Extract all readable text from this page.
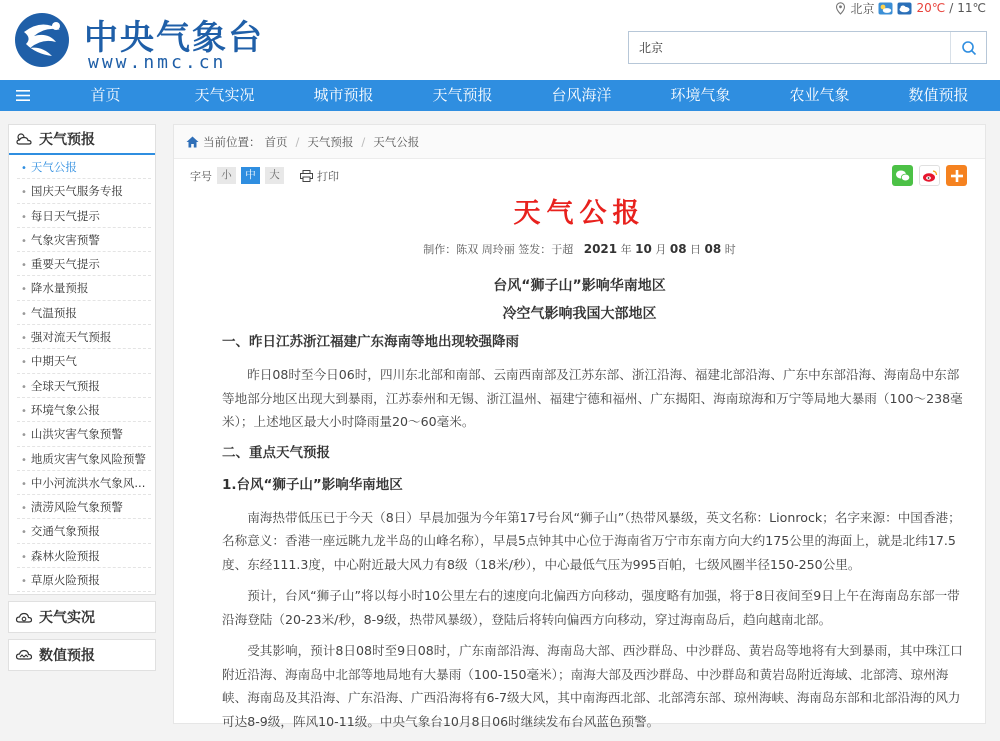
中央气象台
www.nmc.cn
北京	20℃ / 11℃
北京
首页	天气实况	城市预报	天气预报	台风海洋	环境气象	农业气象	数值预报
天气预报
• 天气公报
• 国庆天气服务专报
• 每日天气提示
• 气象灾害预警
• 重要天气提示
• 降水量预报
• 气温预报
• 强对流天气预报
• 中期天气
• 全球天气预报
• 环境气象公报
• 山洪灾害气象预警
• 地质灾害气象风险预警
• 中小河流洪水气象风...
• 渍涝风险气象预警
• 交通气象预报
• 森林火险预报
• 草原火险预报
天气实况
数值预报
当前位置： 首页 / 天气预报 / 天气公报
字号 小	中	大	打印
天气公报
制作：陈双 周玲丽 签发：于超 2021 年 10 月 08 日 08 时
台风“狮子山”影响华南地区
冷空气影响我国大部地区
一、昨日江苏浙江福建广东海南等地出现较强降雨
昨日08时至今日06时，四川东北部和南部、云南西南部及江苏东部、浙江沿海、福建北部沿海、广东中东部沿海、海南岛中东部等地部分地区出现大到暴雨，江苏泰州和无锡、浙江温州、福建宁德和福州、广东揭阳、海南琼海和万宁等局地大暴雨（100～238毫米）；上述地区最大小时降雨量20～60毫米。
二、重点天气预报
1.台风“狮子山”影响华南地区
南海热带低压已于今天（8日）早晨加强为今年第17号台风“狮子山”（热带风暴级，英文名称：Lionrock；名字来源：中国香港；名称意义：香港一座远眺九龙半岛的山峰名称），早晨5点钟其中心位于海南省万宁市东南方向大约175公里的海面上，就是北纬17.5度、东经111.3度，中心附近最大风力有8级（18米/秒），中心最低气压为995百帕，七级风圈半径150-250公里。
预计，台风“狮子山”将以每小时10公里左右的速度向北偏西方向移动，强度略有加强，将于8日夜间至9日上午在海南岛东部一带沿海登陆（20-23米/秒，8-9级，热带风暴级），登陆后将转向偏西方向移动，穿过海南岛后，趋向越南北部。
受其影响，预计8日08时至9日08时，广东南部沿海、海南岛大部、西沙群岛、中沙群岛、黄岩岛等地将有大到暴雨，其中珠江口附近沿海、海南岛中北部等地局地有大暴雨（100-150毫米）；南海大部及西沙群岛、中沙群岛和黄岩岛附近海域、北部湾、琼州海峡、海南岛及其沿海、广东沿海、广西沿海将有6-7级大风，其中南海西北部、北部湾东部、琼州海峡、海南岛东部和北部沿海的风力可达8-9级，阵风10-11级。中央气象台10月8日06时继续发布台风蓝色预警。
